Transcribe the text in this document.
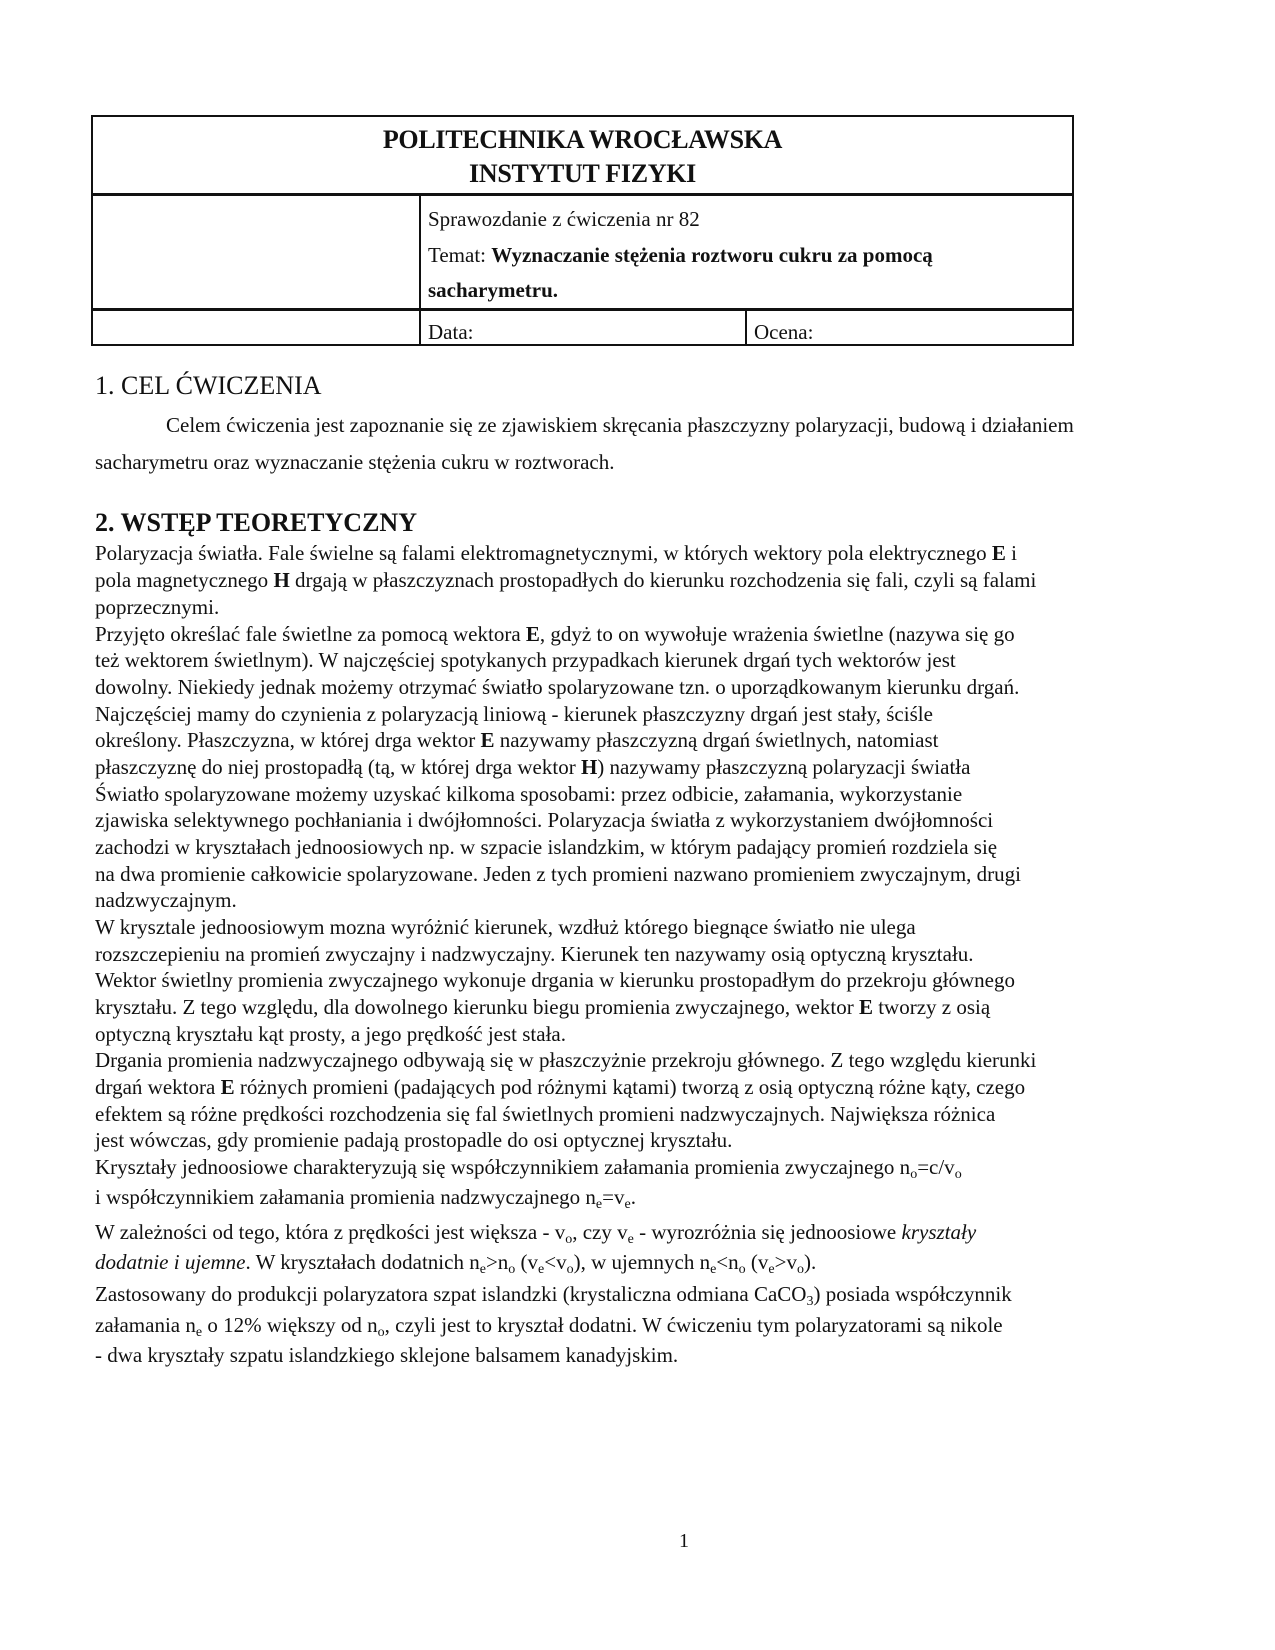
POLITECHNIKA WROCŁAWSKA
INSTYTUT FIZYKI
Sprawozdanie z ćwiczenia nr 82
Temat: Wyznaczanie stężenia roztworu cukru za pomocą
sacharymetru.
Data:	Ocena:
1. CEL ĆWICZENIA
Celem ćwiczenia jest zapoznanie się ze zjawiskiem skręcania płaszczyzny polaryzacji, budową i działaniem
sacharymetru oraz wyznaczanie stężenia cukru w roztworach.
2. WSTĘP TEORETYCZNY
Polaryzacja światła. Fale świelne są falami elektromagnetycznymi, w których wektory pola elektrycznego E i
pola magnetycznego H drgają w płaszczyznach prostopadłych do kierunku rozchodzenia się fali, czyli są falami
poprzecznymi.
Przyjęto określać fale świetlne za pomocą wektora E, gdyż to on wywołuje wrażenia świetlne (nazywa się go
też wektorem świetlnym). W najczęściej spotykanych przypadkach kierunek drgań tych wektorów jest
dowolny. Niekiedy jednak możemy otrzymać światło spolaryzowane tzn. o uporządkowanym kierunku drgań.
Najczęściej mamy do czynienia z polaryzacją liniową - kierunek płaszczyzny drgań jest stały, ściśle
określony. Płaszczyzna, w której drga wektor E nazywamy płaszczyzną drgań świetlnych, natomiast
płaszczyznę do niej prostopadłą (tą, w której drga wektor H) nazywamy płaszczyzną polaryzacji światła
Światło spolaryzowane możemy uzyskać kilkoma sposobami: przez odbicie, załamania, wykorzystanie
zjawiska selektywnego pochłaniania i dwójłomności. Polaryzacja światła z wykorzystaniem dwójłomności
zachodzi w kryształach jednoosiowych np. w szpacie islandzkim, w którym padający promień rozdziela się
na dwa promienie całkowicie spolaryzowane. Jeden z tych promieni nazwano promieniem zwyczajnym, drugi
nadzwyczajnym.
W krysztale jednoosiowym mozna wyróżnić kierunek, wzdłuż którego biegnące światło nie ulega
rozszczepieniu na promień zwyczajny i nadzwyczajny. Kierunek ten nazywamy osią optyczną kryształu.
Wektor świetlny promienia zwyczajnego wykonuje drgania w kierunku prostopadłym do przekroju głównego
kryształu. Z tego względu, dla dowolnego kierunku biegu promienia zwyczajnego, wektor E tworzy z osią
optyczną kryształu kąt prosty, a jego prędkość jest stała.
Drgania promienia nadzwyczajnego odbywają się w płaszczyżnie przekroju głównego. Z tego względu kierunki
drgań wektora E różnych promieni (padających pod różnymi kątami) tworzą z osią optyczną różne kąty, czego
efektem są różne prędkości rozchodzenia się fal świetlnych promieni nadzwyczajnych. Największa różnica
jest wówczas, gdy promienie padają prostopadle do osi optycznej kryształu.
Kryształy jednoosiowe charakteryzują się współczynnikiem załamania promienia zwyczajnego $n_o=c/v_o$
i współczynnikiem załamania promienia nadzwyczajnego $n_e=v_e$.
W zależności od tego, która z prędkości jest większa - $v_o$, czy $v_e$ - wyrozróżnia się jednoosiowe kryształy
dodatnie i ujemne. W kryształach dodatnich $n_e>n_o$ $(v_e<v_o)$, w ujemnych $n_e<n_o$ $(v_e>v_o)$.
Zastosowany do produkcji polaryzatora szpat islandzki (krystaliczna odmiana CaCO$_3$) posiada współczynnik
załamania $n_e$ o 12% większy od $n_o$, czyli jest to kryształ dodatni. W ćwiczeniu tym polaryzatorami są nikole
- dwa kryształy szpatu islandzkiego sklejone balsamem kanadyjskim.
1
